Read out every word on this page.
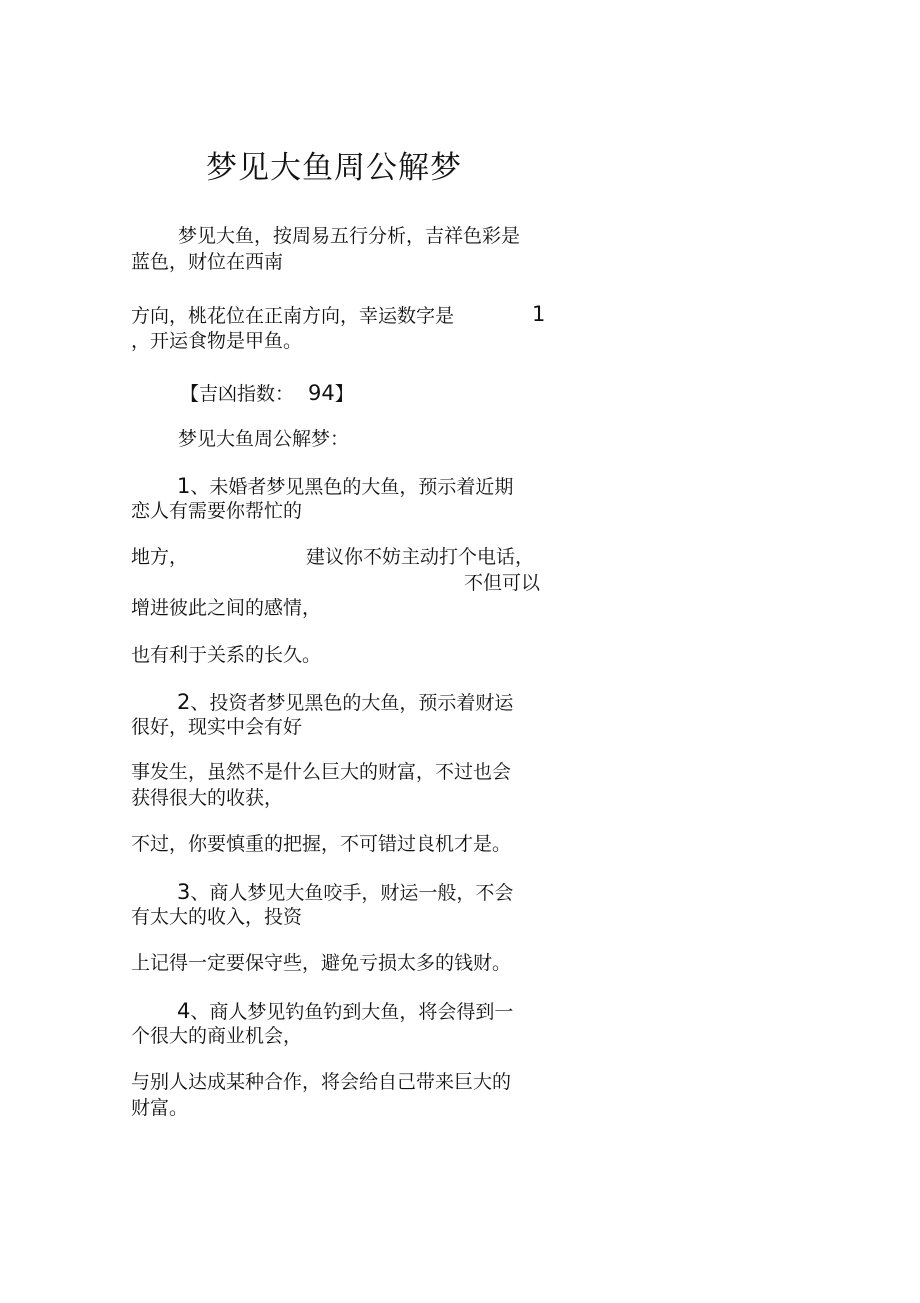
梦见大鱼周公解梦
梦见大鱼，按周易五行分析，吉祥色彩是
蓝色，财位在西南
方向，桃花位在正南方向，幸运数字是	1
，开运食物是甲鱼。
【吉凶指数： 94】
梦见大鱼周公解梦：
1、未婚者梦见黑色的大鱼，预示着近期
恋人有需要你帮忙的
地方，	建议你不妨主动打个电话，
不但可以
增进彼此之间的感情，
也有利于关系的长久。
2、投资者梦见黑色的大鱼，预示着财运
很好，现实中会有好
事发生，虽然不是什么巨大的财富，不过也会
获得很大的收获，
不过，你要慎重的把握，不可错过良机才是。
3、商人梦见大鱼咬手，财运一般，不会
有太大的收入，投资
上记得一定要保守些，避免亏损太多的钱财。
4、商人梦见钓鱼钓到大鱼，将会得到一
个很大的商业机会，
与别人达成某种合作，将会给自己带来巨大的
财富。
